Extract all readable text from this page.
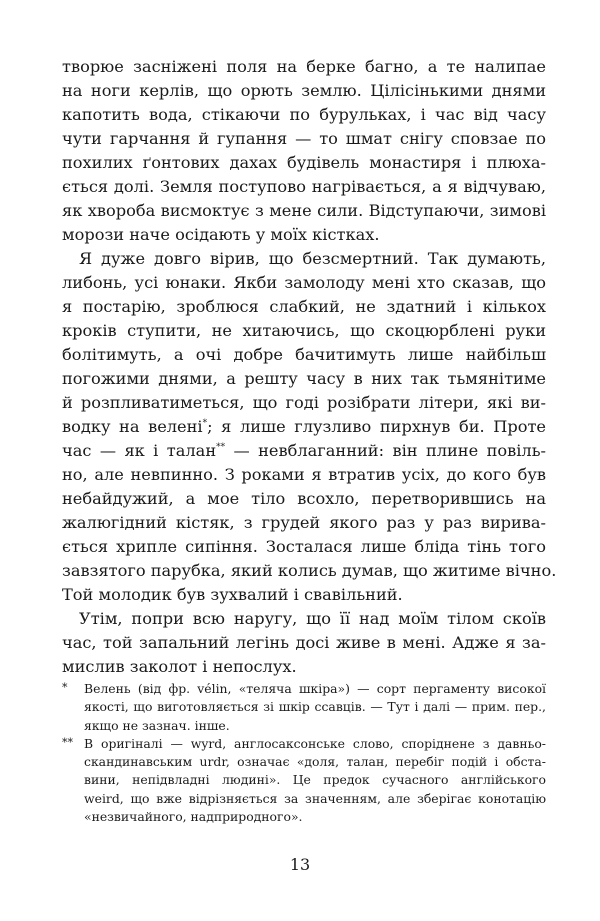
творюе засніжені поля на берке багно, а те налипае
на ноги керлів, що орють землю. Цілісінькими днями
капотить вода, стікаючи по бурульках, і час від часу
чути гарчання й гупання — то шмат снігу сповзае по
похилих ґонтових дахах будівель монастиря і плюха-
ється долі. Земля поступово нагрівається, а я відчуваю,
як хвороба висмоктує з мене сили. Відступаючи, зимові
морози наче осідають у моїх кістках.
Я дуже довго вірив, що безсмертний. Так думають,
либонь, усі юнаки. Якби замолоду мені хто сказав, що
я постарію, зроблюся слабкий, не здатний і кількох
кроків ступити, не хитаючись, що скоцюрблені руки
болітимуть, а очі добре бачитимуть лише найбільш
погожими днями, а решту часу в них так тьмянітиме
й розпливатиметься, що годі розібрати літери, які ви-
водку на велені*; я лише глузливо пирхнув би. Проте
час — як і талан** — невблаганний: він плине повіль-
но, але невпинно. З роками я втратив усіх, до кого був
небайдужий, а мое тіло всохло, перетворившись на
жалюгідний кістяк, з грудей якого раз у раз вирива-
ється хрипле сипіння. Зосталася лише бліда тінь того
завзятого парубка, який колись думав, що житиме вічно.
Той молодик був зухвалий і свавільний.
Утім, попри всю наругу, що її над моїм тілом скоїв
час, той запальний легінь досі живе в мені. Адже я за-
мислив заколот і непослух.
* Велень (від фр. vélin, «теляча шкіра») — сорт пергаменту високої
якості, що виготовляється зі шкір ссавців. — Тут і далі — прим. пер.,
якщо не зазнач. інше.
** В оригіналі — wyrd, англосаксонське слово, споріднене з давньо-
скандинавським urdr, означає «доля, талан, перебіг подій і обста-
вини, непідвладні людині». Це предок сучасного англійського
weird, що вже відрізняється за значенням, але зберігає конотацію
«незвичайного, надприродного».
13
